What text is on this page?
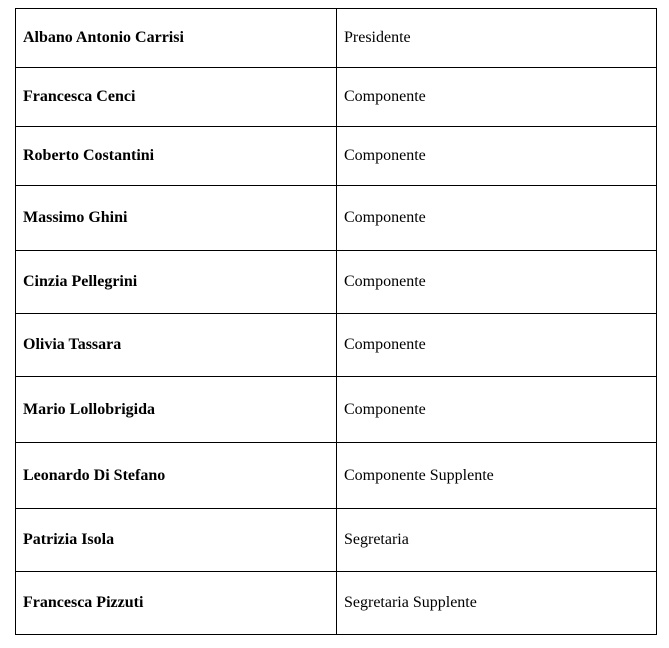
Albano Antonio Carrisi	Presidente
Francesca Cenci	Componente
Roberto Costantini	Componente
Massimo Ghini	Componente
Cinzia Pellegrini	Componente
Olivia Tassara	Componente
Mario Lollobrigida	Componente
Leonardo Di Stefano	Componente Supplente
Patrizia Isola	Segretaria
Francesca Pizzuti	Segretaria Supplente
